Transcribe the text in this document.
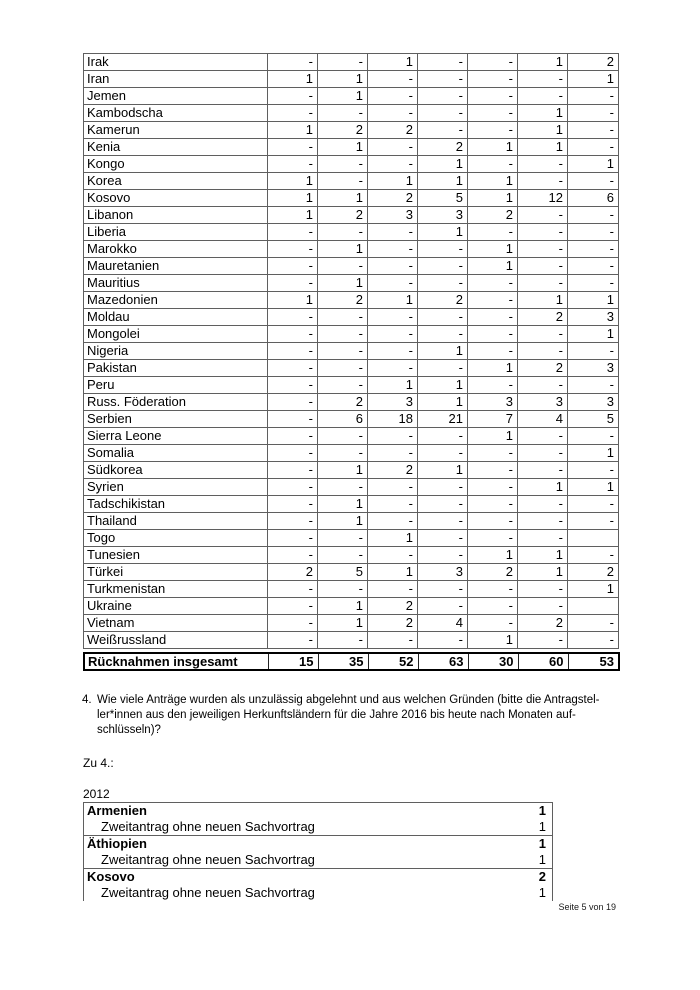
Irak	-	-	1	-	-	1	2
Iran	1	1	-	-	-	-	1
Jemen	-	1	-	-	-	-	-
Kambodscha	-	-	-	-	-	1	-
Kamerun	1	2	2	-	-	1	-
Kenia	-	1	-	2	1	1	-
Kongo	-	-	-	1	-	-	1
Korea	1	-	1	1	1	-	-
Kosovo	1	1	2	5	1	12	6
Libanon	1	2	3	3	2	-	-
Liberia	-	-	-	1	-	-	-
Marokko	-	1	-	-	1	-	-
Mauretanien	-	-	-	-	1	-	-
Mauritius	-	1	-	-	-	-	-
Mazedonien	1	2	1	2	-	1	1
Moldau	-	-	-	-	-	2	3
Mongolei	-	-	-	-	-	-	1
Nigeria	-	-	-	1	-	-	-
Pakistan	-	-	-	-	1	2	3
Peru	-	-	1	1	-	-	-
Russ. Föderation	-	2	3	1	3	3	3
Serbien	-	6	18	21	7	4	5
Sierra Leone	-	-	-	-	1	-	-
Somalia	-	-	-	-	-	-	1
Südkorea	-	1	2	1	-	-	-
Syrien	-	-	-	-	-	1	1
Tadschikistan	-	1	-	-	-	-	-
Thailand	-	1	-	-	-	-	-
Togo	-	-	1	-	-	-	
Tunesien	-	-	-	-	1	1	-
Türkei	2	5	1	3	2	1	2
Turkmenistan	-	-	-	-	-	-	1
Ukraine	-	1	2	-	-	-	
Vietnam	-	1	2	4	-	2	-
Weißrussland	-	-	-	-	1	-	-
Rücknahmen insgesamt	15	35	52	63	30	60	53
4. Wie viele Anträge wurden als unzulässig abgelehnt und aus welchen Gründen (bitte die Antragstel-
ler*innen aus den jeweiligen Herkunftsländern für die Jahre 2016 bis heute nach Monaten auf-
schlüsseln)?
Zu 4.:
2012
Armenien	1
Zweitantrag ohne neuen Sachvortrag	1
Äthiopien	1
Zweitantrag ohne neuen Sachvortrag	1
Kosovo	2
Zweitantrag ohne neuen Sachvortrag	1
Seite 5 von 19
